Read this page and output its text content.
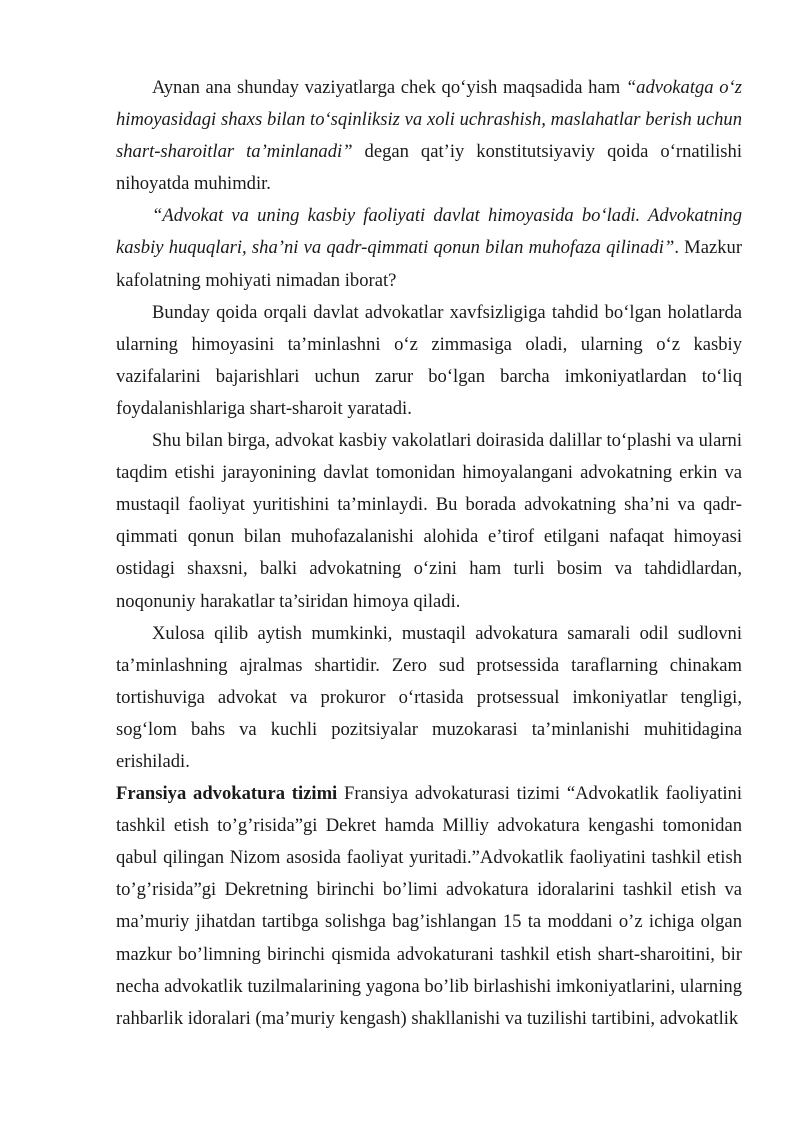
Aynan ana shunday vaziyatlarga chek qo‘yish maqsadida ham “advokatga o‘z himoyasidagi shaxs bilan to‘sqinliksiz va xoli uchrashish, maslahatlar berish uchun shart-sharoitlar ta’minlanadi” degan qat’iy konstitutsiyaviy qoida o‘rnatilishi nihoyatda muhimdir.

“Advokat va uning kasbiy faoliyati davlat himoyasida bo‘ladi. Advokatning kasbiy huquqlari, sha’ni va qadr-qimmati qonun bilan muhofaza qilinadi”. Mazkur kafolatning mohiyati nimadan iborat?

Bunday qoida orqali davlat advokatlar xavfsizligiga tahdid bo‘lgan holatlarda ularning himoyasini ta’minlashni o‘z zimmasiga oladi, ularning o‘z kasbiy vazifalarini bajarishlari uchun zarur bo‘lgan barcha imkoniyatlardan to‘liq foydalanishlariga shart-sharoit yaratadi.

Shu bilan birga, advokat kasbiy vakolatlari doirasida dalillar to‘plashi va ularni taqdim etishi jarayonining davlat tomonidan himoyalangani advokatning erkin va mustaqil faoliyat yuritishini ta’minlaydi. Bu borada advokatning sha’ni va qadr-qimmati qonun bilan muhofazalanishi alohida e’tirof etilgani nafaqat himoyasi ostidagi shaxsni, balki advokatning o‘zini ham turli bosim va tahdidlardan, noqonuniy harakatlar ta’siridan himoya qiladi.

Xulosa qilib aytish mumkinki, mustaqil advokatura samarali odil sudlovni ta’minlashning ajralmas shartidir. Zero sud protsessida taraflarning chinakam tortishuviga advokat va prokuror o‘rtasida protsessual imkoniyatlar tengligi, sog‘lom bahs va kuchli pozitsiyalar muzokarasi ta’minlanishi muhitidagina erishiladi.

Fransiya advokatura tizimi Fransiya advokaturasi tizimi “Advokatlik faoliyatini tashkil etish to’g’risida”gi Dekret hamda Milliy advokatura kengashi tomonidan qabul qilingan Nizom asosida faoliyat yuritadi.”Advokatlik faoliyatini tashkil etish to’g’risida”gi Dekretning birinchi bo’limi advokatura idoralarini tashkil etish va ma’muriy jihatdan tartibga solishga bag’ishlangan 15 ta moddani o’z ichiga olgan mazkur bo’limning birinchi qismida advokaturani tashkil etish shart-sharoitini, bir necha advokatlik tuzilmalarining yagona bo’lib birlashishi imkoniyatlarini, ularning rahbarlik idoralari (ma’muriy kengash) shakllanishi va tuzilishi tartibini, advokatlik
